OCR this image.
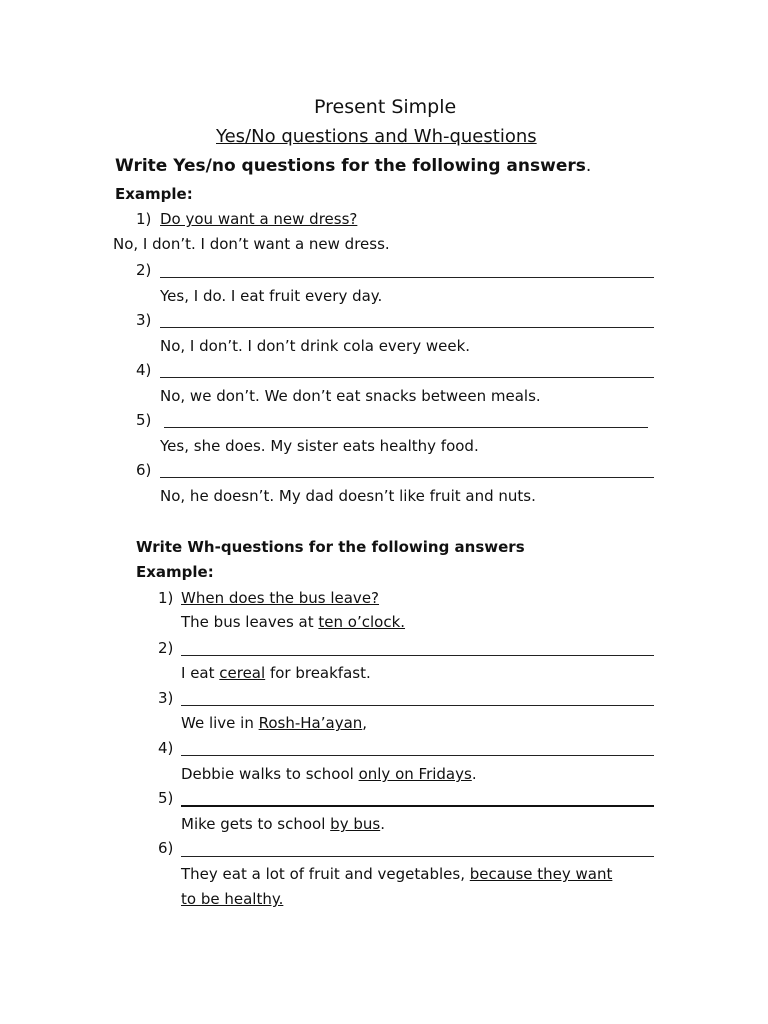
Present Simple
Yes/No questions and Wh-questions
Write Yes/no questions for the following answers.
Example:
1) Do you want a new dress?
No, I don’t. I don’t want a new dress.
2)
Yes, I do. I eat fruit every day.
3)
No, I don’t. I don’t drink cola every week.
4)
No, we don’t. We don’t eat snacks between meals.
5)
Yes, she does. My sister eats healthy food.
6)
No, he doesn’t. My dad doesn’t like fruit and nuts.
Write Wh-questions for the following answers
Example:
1) When does the bus leave?
The bus leaves at ten o’clock.
2)
I eat cereal for breakfast.
3)
We live in Rosh-Ha’ayan,
4)
Debbie walks to school only on Fridays.
5)
Mike gets to school by bus.
6)
They eat a lot of fruit and vegetables, because they want
to be healthy.
